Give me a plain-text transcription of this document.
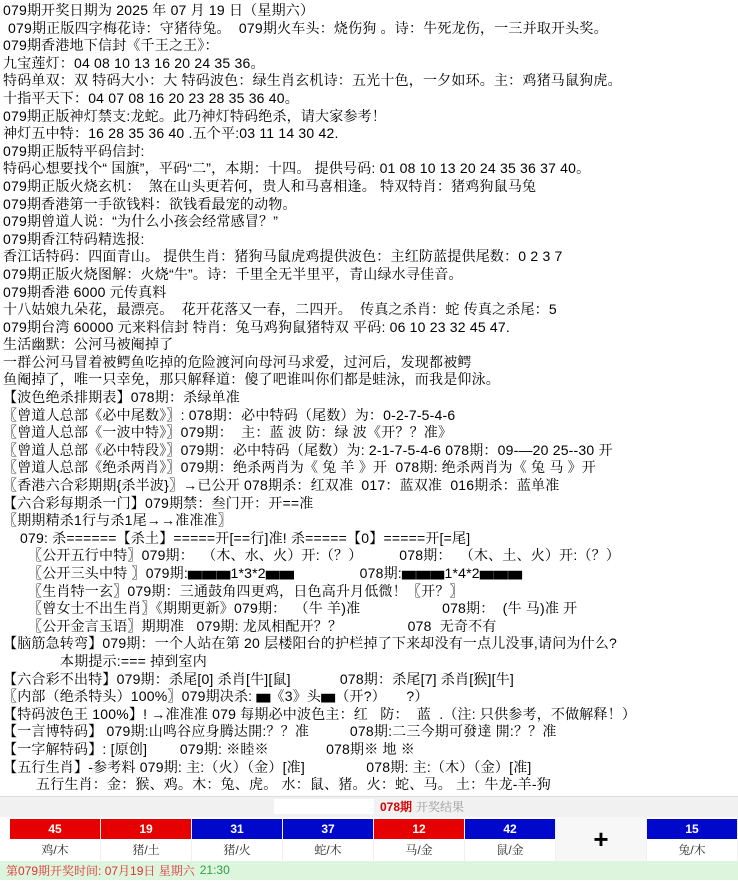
079期开奖日期为 2025 年 07 月 19 日（星期六）
079期正版四字梅花诗：守猪待兔。  079期火车头：烧伤狗 。诗：牛死龙伤，一三并取开头奖。
079期香港地下信封《千王之王》：
九宝莲灯：04 08 10 13 16 20 24 35 36。
特码单双：双 特码大小：大 特码波色：绿生肖玄机诗：五光十色，一夕如环。主：鸡猪马鼠狗虎。
十指平天下：04 07 08 16 20 23 28 35 36 40。
079期正版神灯禁支:龙蛇。此乃神灯特码绝杀，请大家参考！
神灯五中特：16 28 35 36 40 .五个平:03 11 14 30 42.
079期正版特平码信封:
特码心想要找个“ 国旗”，平码“二”，本期：十四。 提供号码: 01 08 10 13 20 24 35 36 37 40。
079期正版火烧玄机：  煞在山头更若何，贵人和马喜相逢。 特双特肖：猪鸡狗鼠马兔
079期香港第一手欲钱料：欲钱看最宠的动物。
079期曾道人说：“为什么小孩会经常感冒？”
079期香江特码精选报:
香江话特码：四面青山。 提供生肖：猪狗马鼠虎鸡提供波色：主红防蓝提供尾数：0 2 3 7
079期正版火烧图解：火烧“牛”。诗：千里全无半里平，青山绿水寻佳音。
079期香港 6000 元传真料
十八姑娘九朵花，最漂亮。  花开花落又一春，二四开。  传真之杀肖：蛇 传真之杀尾：5
079期台湾 60000 元来料信封 特肖：兔马鸡狗鼠猪特双 平码: 06 10 23 32 45 47.
生活幽默：公河马被阉掉了
一群公河马冒着被鳄鱼吃掉的危险渡河向母河马求爱，过河后，发现都被鳄
鱼阉掉了，唯一只幸免，那只解释道：傻了吧谁叫你们都是蛙泳，而我是仰泳。
【波色绝杀排期表】078期：杀绿单准
〖曾道人总部《必中尾数》〗: 078期：必中特码（尾数）为：0-2-7-5-4-6
〖曾道人总部《一波中特》〗079期：  主：蓝 波 防：绿 波《开？？准》
〖曾道人总部《必中特段》〗079期：必中特码（尾数）为: 2-1-7-5-4-6 078期：09-—20 25--30 开
〖曾道人总部《绝杀两肖》〗079期：绝杀两肖为《 兔 羊 》开  078期: 绝杀两肖为《 兔 马 》开
〖香港六合彩期期{杀半波}〗→已公开 078期杀：红双准  017：蓝双准  016期杀：蓝单准
【六合彩每期杀一门】079期禁：叁门开：开==准
〖期期精杀1行与杀1尾→→准准准〗
079: 杀======【杀土】=====开[==行]准! 杀=====【0】=====开[=尾]
〖公开五行中特〗079期：  （木、水、火）开:（？）         078期：  （木、土、火）开:（？）
〖公开三头中特 〗079期:▅▅▅1*3*2▅▅                078期:▅▅▅1*4*2▅▅▅
〖生肖特一玄〗079期：三通鼓角四更鸡，日色高升月低微！〖开？〗
〖曾女士不出生肖〗《期期更新》079期：  （牛 羊)准                    078期：  (牛 马)准 开
〖公开金言玉语〗期期准   079期: 龙凤相配开？？                078  无奇不有
【脑筋急转弯】079期：一个人站在第 20 层楼阳台的护栏掉了下来却没有一点儿没事,请问为什么?
本期提示:=== 掉到室内
【六合彩不出特】079期：杀尾[0] 杀肖[牛][鼠]            078期：杀尾[7] 杀肖[猴][牛]
〖内部（绝杀特头）100%〗079期决杀: ▅《3》头▅（开?）     ?）
【特码波色王 100%】! →准准准 079 每期必中波色主：红   防：  蓝  .（注: 只供参考，不做解释！）
【一言博特码】 079期:山鸣谷应身腾达開:？？准          078期:二三今期可發達 開:？？准
【一字解特码】: [原创]        079期: ※睦※              078期※ 地 ※
【五行生肖】-参考料 079期: 主:（火）（金）[准]               078期: 主:（木）（金）[准]
五行生肖：金：猴、鸡。木：兔、虎。 水：鼠、猪。火：蛇、马。 土：牛龙-羊-狗
078期 开奖结果
45
鸡/木
19
猪/土
31
猪/火
37
蛇/木
12
马/金
42
鼠/金	+	15
兔/木
第079期开奖时间: 07月19日 星期六 21:30
